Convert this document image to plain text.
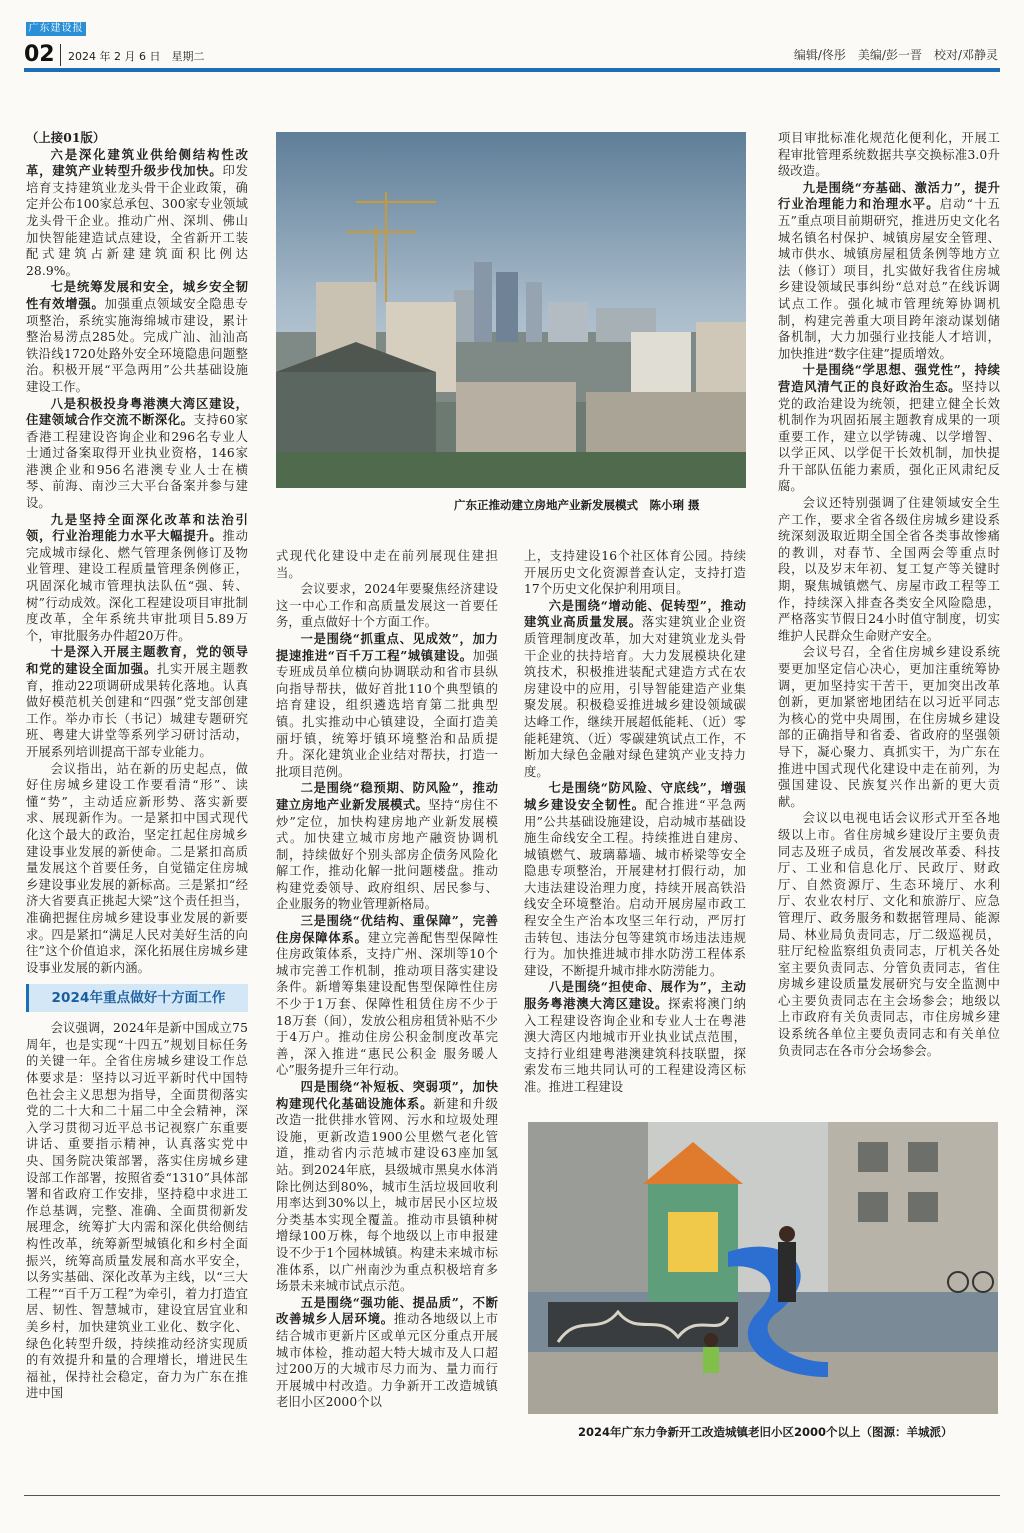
广东建设报
02 2024 年 2 月 6 日　星期二	编辑/佟彤　美编/彭一晋　校对/邓静灵

（上接01版）

六是深化建筑业供给侧结构性改革，建筑产业转型升级步伐加快。印发培育支持建筑业龙头骨干企业政策，确定并公布100家总承包、300家专业领域龙头骨干企业。推动广州、深圳、佛山加快智能建造试点建设，全省新开工装配式建筑占新建建筑面积比例达28.9%。

七是统筹发展和安全，城乡安全韧性有效增强。加强重点领域安全隐患专项整治，系统实施海绵城市建设，累计整治易涝点285处。完成广汕、汕汕高铁沿线1720处路外安全环境隐患问题整治。积极开展“平急两用”公共基础设施建设工作。

八是积极投身粤港澳大湾区建设，住建领域合作交流不断深化。支持60家香港工程建设咨询企业和296名专业人士通过备案取得开业执业资格，146家港澳企业和956名港澳专业人士在横琴、前海、南沙三大平台备案并参与建设。

九是坚持全面深化改革和法治引领，行业治理能力水平大幅提升。推动完成城市绿化、燃气管理条例修订及物业管理、建设工程质量管理条例修正，巩固深化城市管理执法队伍“强、转、树”行动成效。深化工程建设项目审批制度改革，全年系统共审批项目5.89万个，审批服务办件超20万件。

十是深入开展主题教育，党的领导和党的建设全面加强。扎实开展主题教育，推动22项调研成果转化落地。认真做好模范机关创建和“四强”党支部创建工作。举办市长（书记）城建专题研究班、粤建大讲堂等系列学习研讨活动，开展系列培训提高干部专业能力。

会议指出，站在新的历史起点，做好住房城乡建设工作要看清“形”、读懂“势”，主动适应新形势、落实新要求、展现新作为。一是紧扣中国式现代化这个最大的政治，坚定扛起住房城乡建设事业发展的新使命。二是紧扣高质量发展这个首要任务，自觉锚定住房城乡建设事业发展的新标高。三是紧扣“经济大省要真正挑起大梁”这个责任担当，准确把握住房城乡建设事业发展的新要求。四是紧扣“满足人民对美好生活的向往”这个价值追求，深化拓展住房城乡建设事业发展的新内涵。

2024年重点做好十方面工作

会议强调，2024年是新中国成立75周年，也是实现“十四五”规划目标任务的关键一年。全省住房城乡建设工作总体要求是：坚持以习近平新时代中国特色社会主义思想为指导，全面贯彻落实党的二十大和二十届二中全会精神，深入学习贯彻习近平总书记视察广东重要讲话、重要指示精神，认真落实党中央、国务院决策部署，落实住房城乡建设部工作部署，按照省委“1310”具体部署和省政府工作安排，坚持稳中求进工作总基调，完整、准确、全面贯彻新发展理念，统筹扩大内需和深化供给侧结构性改革，统筹新型城镇化和乡村全面振兴，统筹高质量发展和高水平安全，以务实基础、深化改革为主线，以“三大工程”“百千万工程”为牵引，着力打造宜居、韧性、智慧城市，建设宜居宜业和美乡村，加快建筑业工业化、数字化、绿色化转型升级，持续推动经济实现质的有效提升和量的合理增长，增进民生福祉，保持社会稳定，奋力为广东在推进中国

广东正推动建立房地产业新发展模式　陈小琍 摄

式现代化建设中走在前列展现住建担当。

会议要求，2024年要聚焦经济建设这一中心工作和高质量发展这一首要任务，重点做好十个方面工作。

一是围绕“抓重点、见成效”，加力提速推进“百千万工程”城镇建设。加强专班成员单位横向协调联动和省市县纵向指导帮扶，做好首批110个典型镇的培育建设，组织遴选培育第二批典型镇。扎实推动中心镇建设，全面打造美丽圩镇，统筹圩镇环境整治和品质提升。深化建筑业企业结对帮扶，打造一批项目范例。

二是围绕“稳预期、防风险”，推动建立房地产业新发展模式。坚持“房住不炒”定位，加快构建房地产业新发展模式。加快建立城市房地产融资协调机制，持续做好个别头部房企债务风险化解工作，推动化解一批问题楼盘。推动构建党委领导、政府组织、居民参与、企业服务的物业管理新格局。

三是围绕“优结构、重保障”，完善住房保障体系。建立完善配售型保障性住房政策体系，支持广州、深圳等10个城市完善工作机制，推动项目落实建设条件。新增筹集建设配售型保障性住房不少于1万套、保障性租赁住房不少于18万套（间），发放公租房租赁补贴不少于4万户。推动住房公积金制度改革完善，深入推进“惠民公积金 服务暖人心”服务提升三年行动。

四是围绕“补短板、突弱项”，加快构建现代化基础设施体系。新建和升级改造一批供排水管网、污水和垃圾处理设施，更新改造1900公里燃气老化管道，推动省内示范城市建设63座加氢站。到2024年底，县级城市黑臭水体消除比例达到80%，城市生活垃圾回收利用率达到30%以上，城市居民小区垃圾分类基本实现全覆盖。推动市县镇种树增绿100万株，每个地级以上市申报建设不少于1个园林城镇。构建未来城市标准体系，以广州南沙为重点积极培育多场景未来城市试点示范。

五是围绕“强功能、提品质”，不断改善城乡人居环境。推动各地级以上市结合城市更新片区或单元区分重点开展城市体检，推动超大特大城市及人口超过200万的大城市尽力而为、量力而行开展城中村改造。力争新开工改造城镇老旧小区2000个以

上，支持建设16个社区体育公园。持续开展历史文化资源普查认定，支持打造17个历史文化保护利用项目。

六是围绕“增动能、促转型”，推动建筑业高质量发展。落实建筑业企业资质管理制度改革，加大对建筑业龙头骨干企业的扶持培育。大力发展模块化建筑技术，积极推进装配式建造方式在农房建设中的应用，引导智能建造产业集聚发展。积极稳妥推进城乡建设领域碳达峰工作，继续开展超低能耗、（近）零能耗建筑、（近）零碳建筑试点工作，不断加大绿色金融对绿色建筑产业支持力度。

七是围绕“防风险、守底线”，增强城乡建设安全韧性。配合推进“平急两用”公共基础设施建设，启动城市基础设施生命线安全工程。持续推进自建房、城镇燃气、玻璃幕墙、城市桥梁等安全隐患专项整治，开展建材打假行动，加大违法建设治理力度，持续开展高铁沿线安全环境整治。启动开展房屋市政工程安全生产治本攻坚三年行动，严厉打击转包、违法分包等建筑市场违法违规行为。加快推进城市排水防涝工程体系建设，不断提升城市排水防涝能力。

八是围绕“担使命、展作为”，主动服务粤港澳大湾区建设。探索将澳门纳入工程建设咨询企业和专业人士在粤港澳大湾区内地城市开业执业试点范围，支持行业组建粤港澳建筑科技联盟，探索发布三地共同认可的工程建设湾区标准。推进工程建设

项目审批标准化规范化便利化，开展工程审批管理系统数据共享交换标准3.0升级改造。

九是围绕“夯基础、激活力”，提升行业治理能力和治理水平。启动“十五五”重点项目前期研究，推进历史文化名城名镇名村保护、城镇房屋安全管理、城市供水、城镇房屋租赁条例等地方立法（修订）项目，扎实做好我省住房城乡建设领域民事纠纷“总对总”在线诉调试点工作。强化城市管理统筹协调机制，构建完善重大项目跨年滚动谋划储备机制，大力加强行业技能人才培训，加快推进“数字住建”提质增效。

十是围绕“学思想、强党性”，持续营造风清气正的良好政治生态。坚持以党的政治建设为统领，把建立健全长效机制作为巩固拓展主题教育成果的一项重要工作，建立以学铸魂、以学增智、以学正风、以学促干长效机制，加快提升干部队伍能力素质，强化正风肃纪反腐。

会议还特别强调了住建领域安全生产工作，要求全省各级住房城乡建设系统深刻汲取近期全国全省各类事故惨痛的教训，对春节、全国两会等重点时段，以及岁末年初、复工复产等关键时期，聚焦城镇燃气、房屋市政工程等工作，持续深入排查各类安全风险隐患，严格落实节假日24小时值守制度，切实维护人民群众生命财产安全。

会议号召，全省住房城乡建设系统要更加坚定信心决心，更加注重统筹协调，更加坚持实干苦干，更加突出改革创新，更加紧密地团结在以习近平同志为核心的党中央周围，在住房城乡建设部的正确指导和省委、省政府的坚强领导下，凝心聚力、真抓实干，为广东在推进中国式现代化建设中走在前列，为强国建设、民族复兴作出新的更大贡献。

会议以电视电话会议形式开至各地级以上市。省住房城乡建设厅主要负责同志及班子成员，省发展改革委、科技厅、工业和信息化厅、民政厅、财政厅、自然资源厅、生态环境厅、水利厅、农业农村厅、文化和旅游厅、应急管理厅、政务服务和数据管理局、能源局、林业局负责同志，厅二级巡视员，驻厅纪检监察组负责同志，厅机关各处室主要负责同志、分管负责同志，省住房城乡建设质量发展研究与安全监测中心主要负责同志在主会场参会；地级以上市政府有关负责同志，市住房城乡建设系统各单位主要负责同志和有关单位负责同志在各市分会场参会。

2024年广东力争新开工改造城镇老旧小区2000个以上（图源：羊城派）
